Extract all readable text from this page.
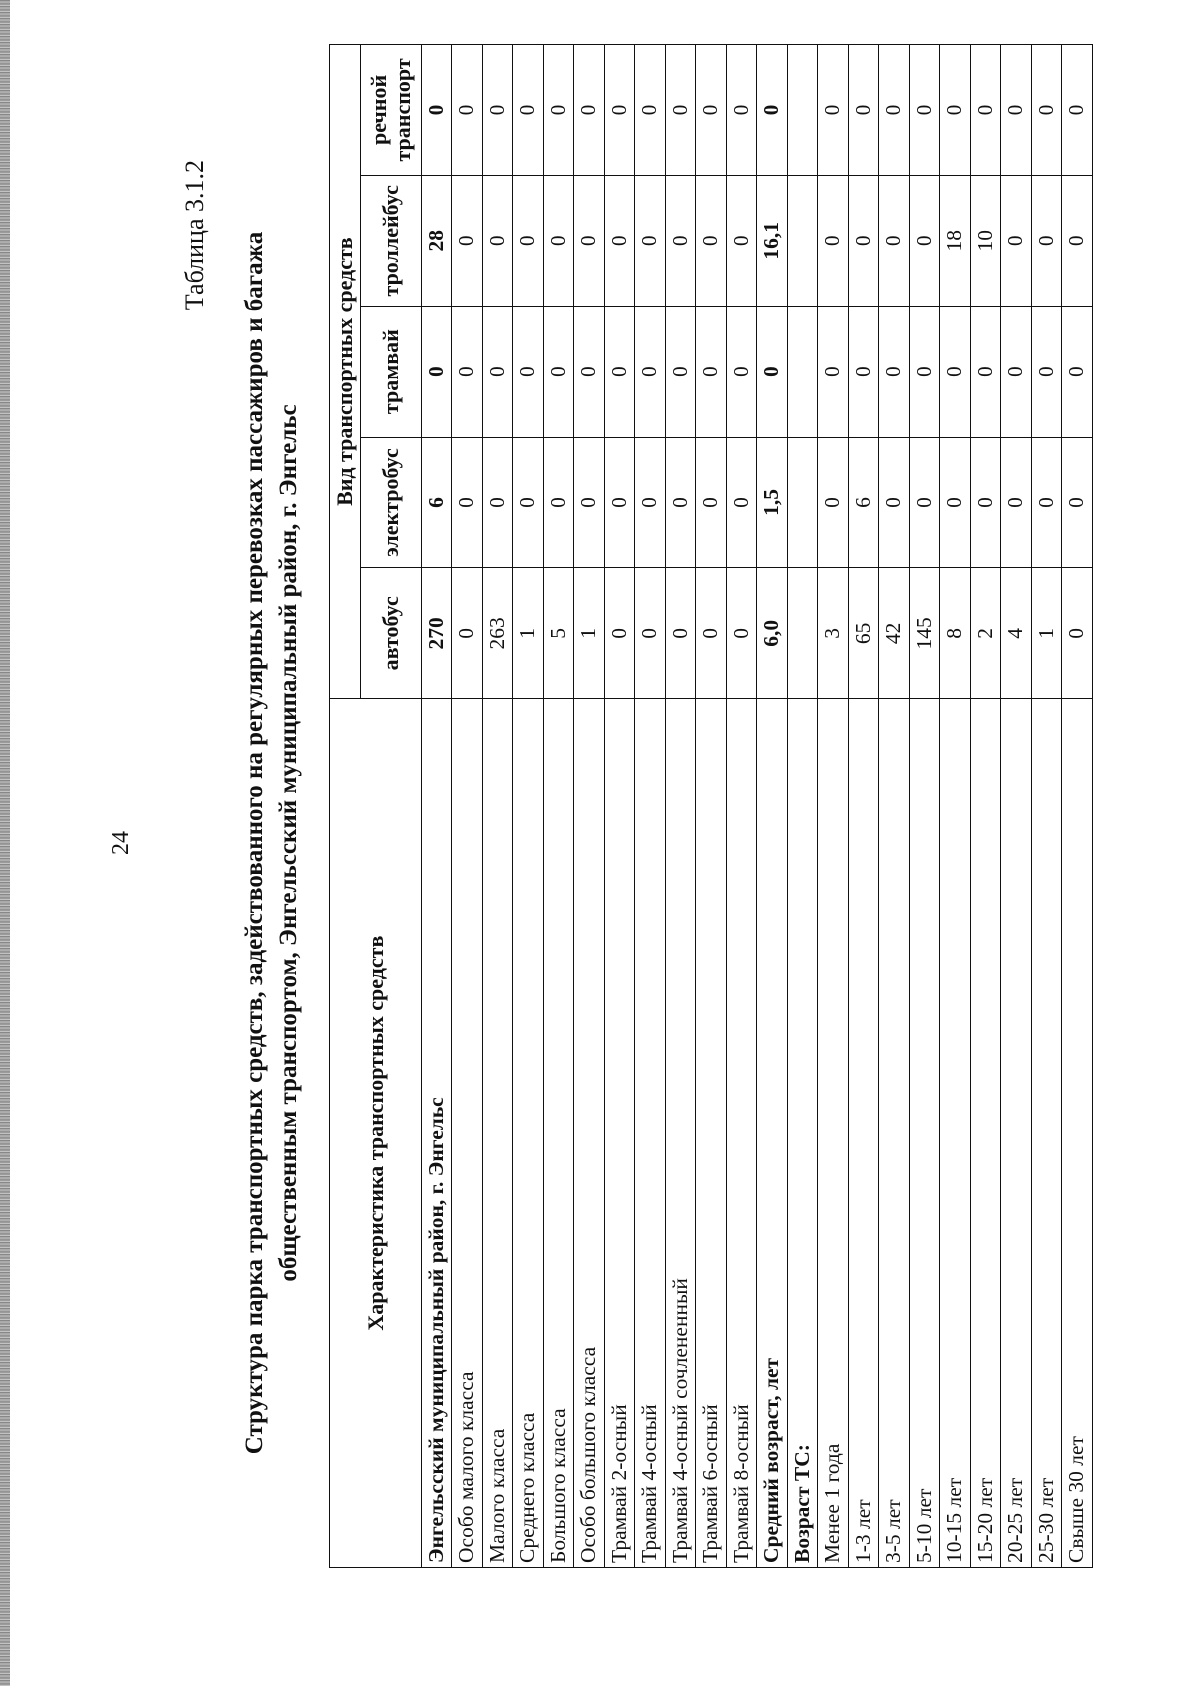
24
Таблица 3.1.2 Структура парка транспортных средств, задействованного на регулярных перевозках пассажиров и багажа общественным транспортом, Энгельсский муниципальный район, г. Энгельс	Характеристика транспортных средств	Вид транспортных средств				
	автобус	электробус	трамвай	троллейбус	речной транспорт
Энгельсский муниципальный район, г. Энгельс	270	6	0	28	0
Особо малого класса	0	0	0	0	0
Малого класса	263	0	0	0	0
Среднего класса	1	0	0	0	0
Большого класса	5	0	0	0	0
Особо большого класса	1	0	0	0	0
Трамвай 2-осный	0	0	0	0	0
Трамвай 4-осный	0	0	0	0	0
Трамвай 4-осный сочлененный	0	0	0	0	0
Трамвай 6-осный	0	0	0	0	0
Трамвай 8-осный	0	0	0	0	0
Средний возраст, лет	6,0	1,5	0	16,1	0
Возраст ТС:					
Менее 1 года	3	0	0	0	0
1-3 лет	65	6	0	0	0
3-5 лет	42	0	0	0	0
5-10 лет	145	0	0	0	0
10-15 лет	8	0	0	18	0
15-20 лет	2	0	0	10	0
20-25 лет	4	0	0	0	0
25-30 лет	1	0	0	0	0
Свыше 30 лет	0	0	0	0	0
